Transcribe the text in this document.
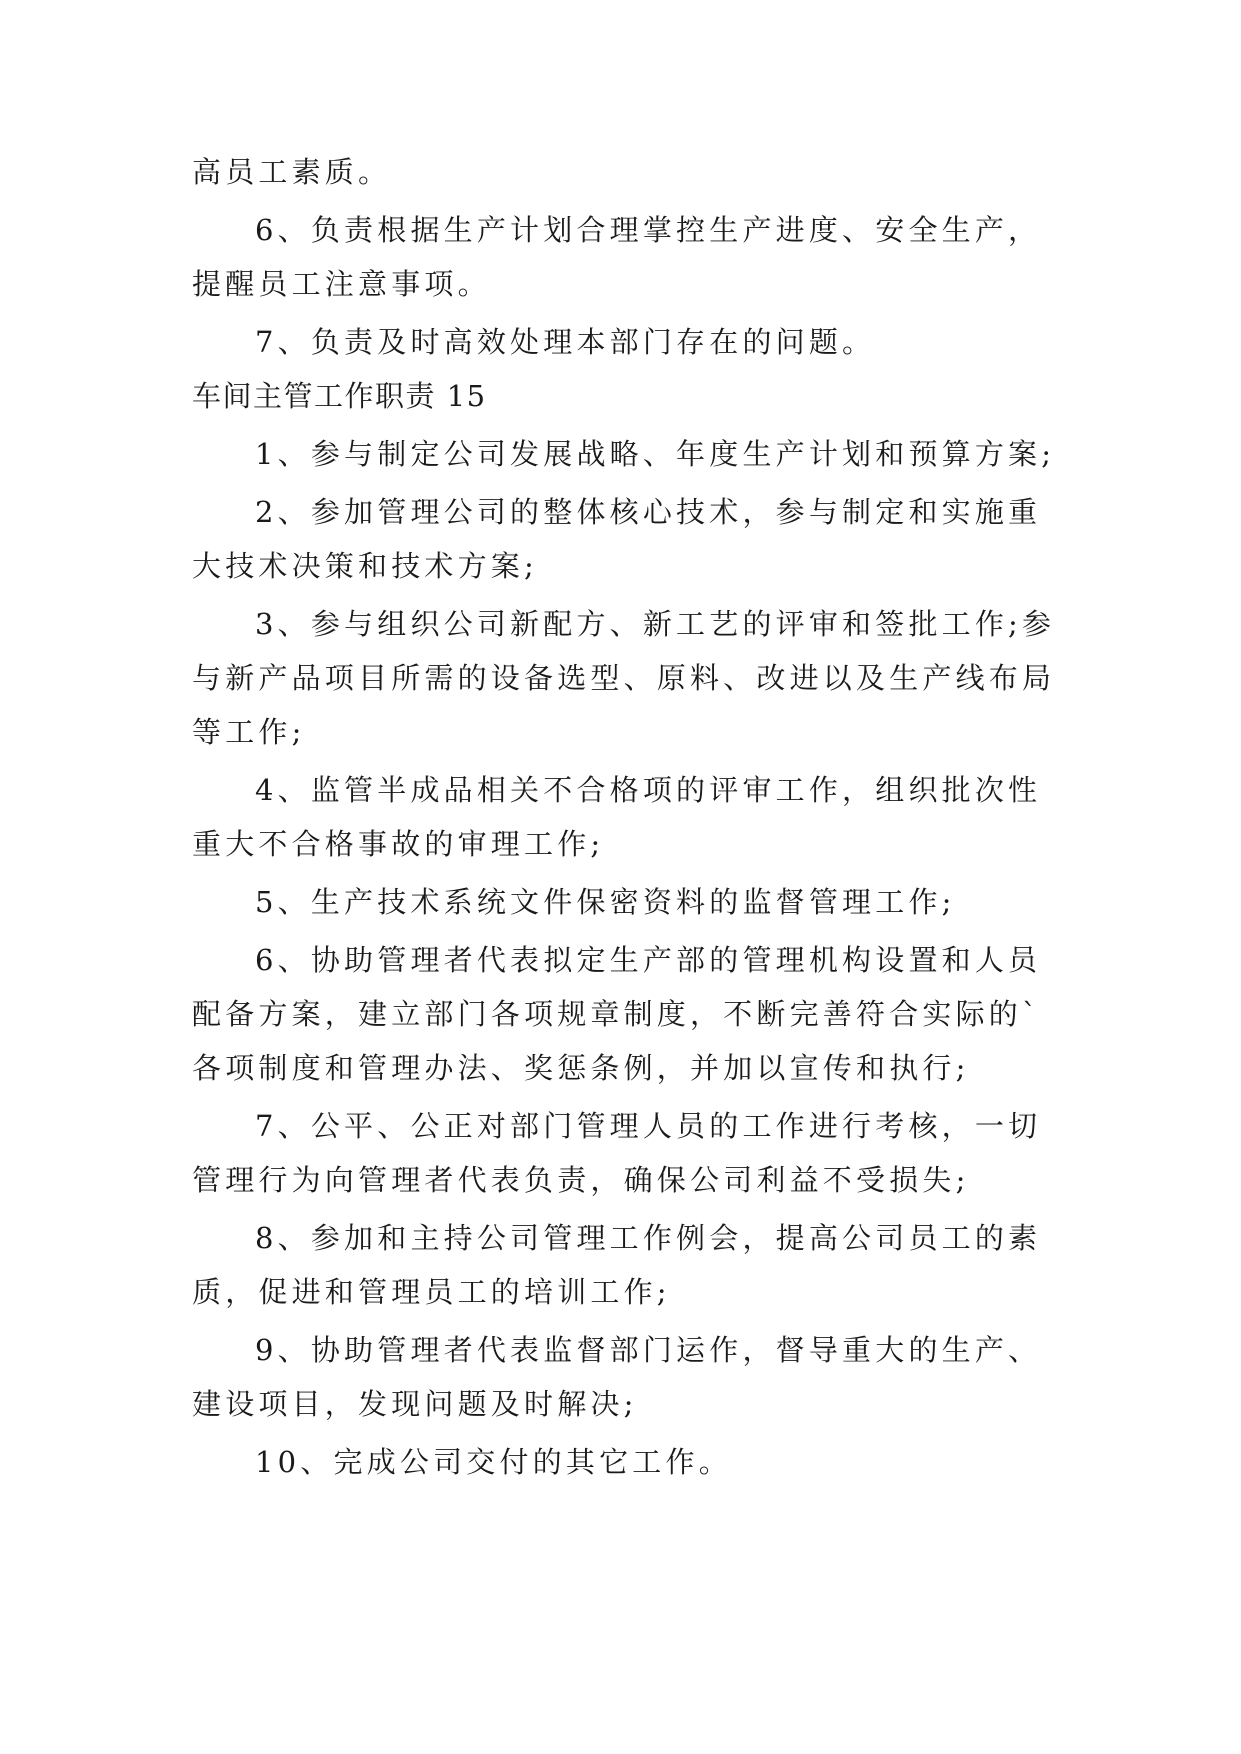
高员工素质。
6、负责根据生产计划合理掌控生产进度、安全生产，
提醒员工注意事项。
7、负责及时高效处理本部门存在的问题。
车间主管工作职责 15
1、参与制定公司发展战略、年度生产计划和预算方案;
2、参加管理公司的整体核心技术，参与制定和实施重
大技术决策和技术方案;
3、参与组织公司新配方、新工艺的评审和签批工作;参
与新产品项目所需的设备选型、原料、改进以及生产线布局
等工作;
4、监管半成品相关不合格项的评审工作，组织批次性
重大不合格事故的审理工作;
5、生产技术系统文件保密资料的监督管理工作;
6、协助管理者代表拟定生产部的管理机构设置和人员
配备方案，建立部门各项规章制度，不断完善符合实际的`
各项制度和管理办法、奖惩条例，并加以宣传和执行;
7、公平、公正对部门管理人员的工作进行考核，一切
管理行为向管理者代表负责，确保公司利益不受损失;
8、参加和主持公司管理工作例会，提高公司员工的素
质，促进和管理员工的培训工作;
9、协助管理者代表监督部门运作，督导重大的生产、
建设项目，发现问题及时解决;
10、完成公司交付的其它工作。
